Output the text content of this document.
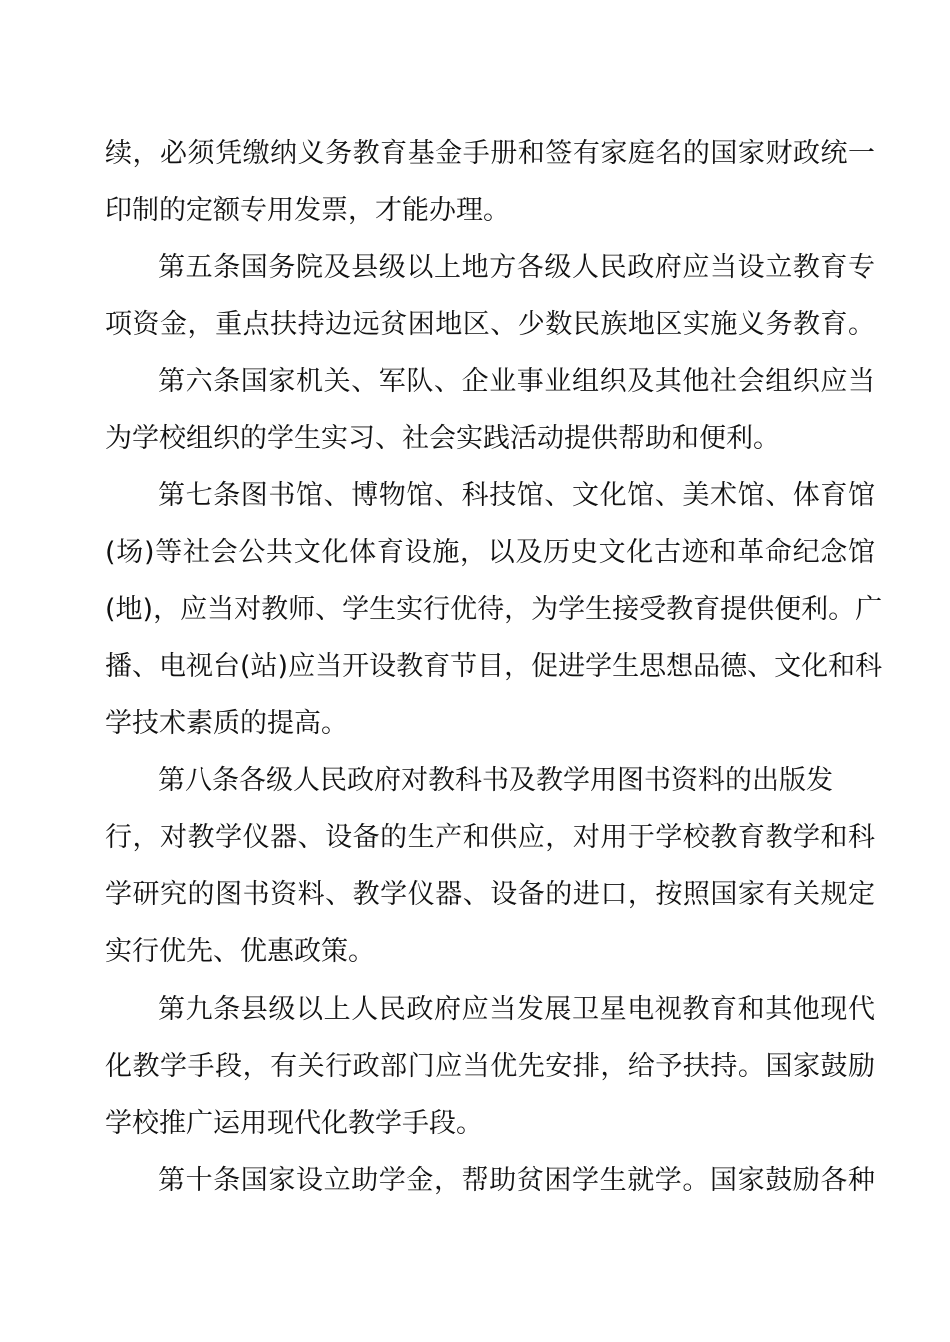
续，必须凭缴纳义务教育基金手册和签有家庭名的国家财政统一
印制的定额专用发票，才能办理。
第五条国务院及县级以上地方各级人民政府应当设立教育专
项资金，重点扶持边远贫困地区、少数民族地区实施义务教育。
第六条国家机关、军队、企业事业组织及其他社会组织应当
为学校组织的学生实习、社会实践活动提供帮助和便利。
第七条图书馆、博物馆、科技馆、文化馆、美术馆、体育馆
(场)等社会公共文化体育设施，以及历史文化古迹和革命纪念馆
(地)，应当对教师、学生实行优待，为学生接受教育提供便利。广
播、电视台(站)应当开设教育节目，促进学生思想品德、文化和科
学技术素质的提高。
第八条各级人民政府对教科书及教学用图书资料的出版发
行，对教学仪器、设备的生产和供应，对用于学校教育教学和科
学研究的图书资料、教学仪器、设备的进口，按照国家有关规定
实行优先、优惠政策。
第九条县级以上人民政府应当发展卫星电视教育和其他现代
化教学手段，有关行政部门应当优先安排，给予扶持。国家鼓励
学校推广运用现代化教学手段。
第十条国家设立助学金，帮助贫困学生就学。国家鼓励各种
